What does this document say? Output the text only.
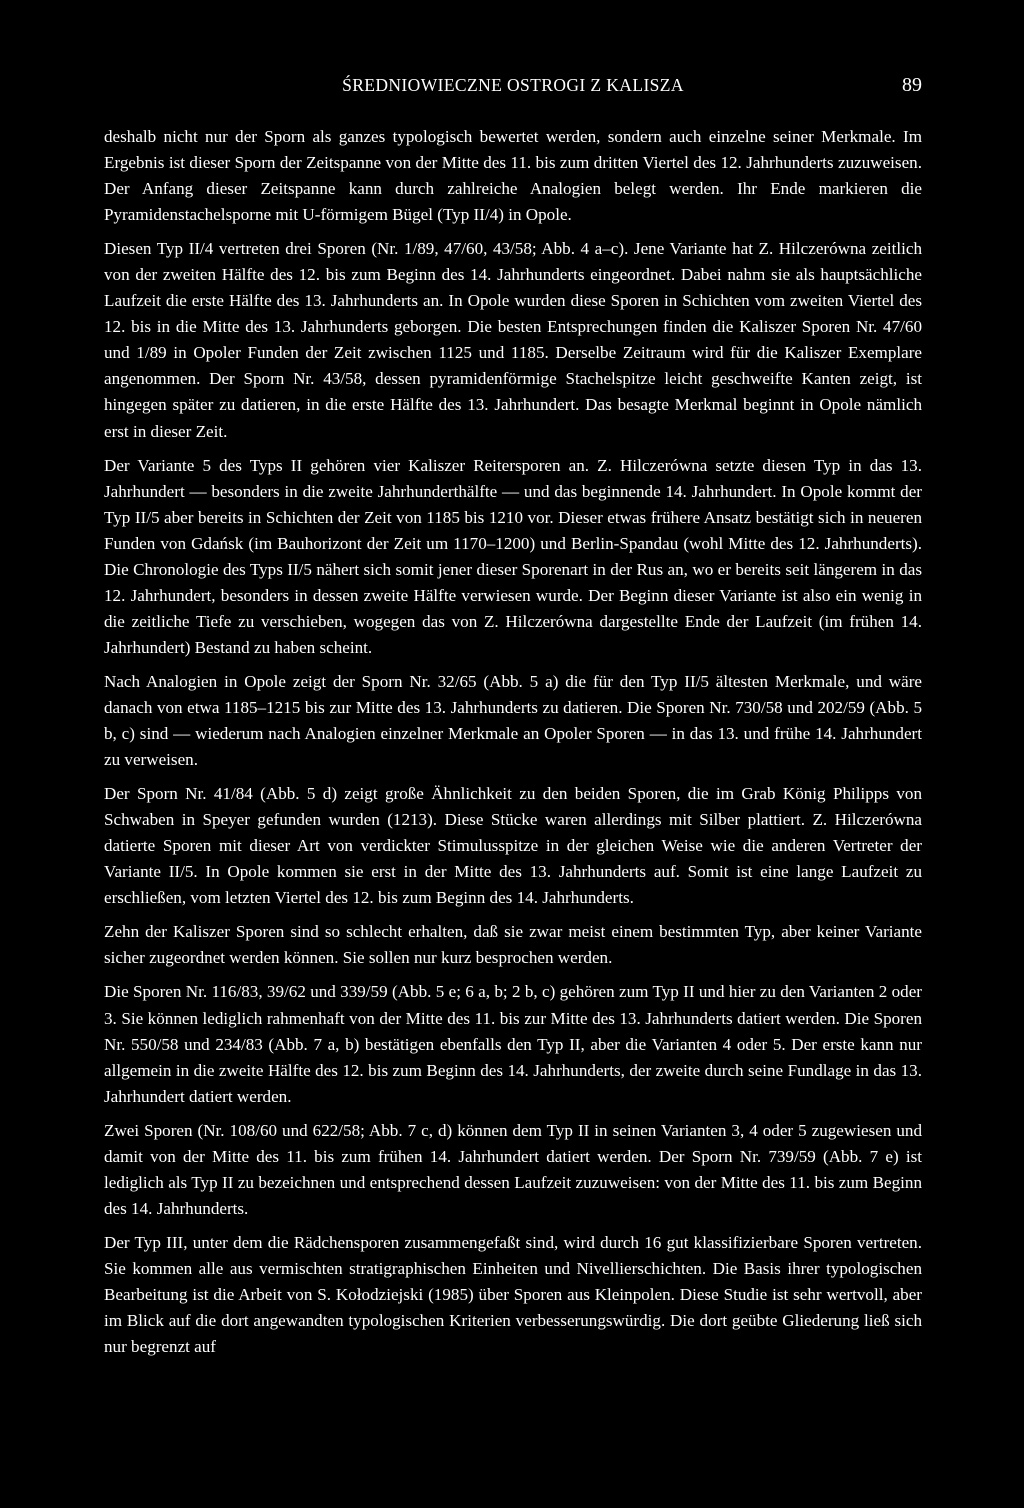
ŚREDNIOWIECZNE OSTROGI Z KALISZA	89

deshalb nicht nur der Sporn als ganzes typologisch bewertet werden, sondern auch einzelne seiner Merkmale. Im Ergebnis ist dieser Sporn der Zeitspanne von der Mitte des 11. bis zum dritten Viertel des 12. Jahrhunderts zuzuweisen. Der Anfang dieser Zeitspanne kann durch zahlreiche Analogien belegt werden. Ihr Ende markieren die Pyramidenstachelsporne mit U-förmigem Bügel (Typ II/4) in Opole.

Diesen Typ II/4 vertreten drei Sporen (Nr. 1/89, 47/60, 43/58; Abb. 4 a–c). Jene Variante hat Z. Hilczerówna zeitlich von der zweiten Hälfte des 12. bis zum Beginn des 14. Jahrhunderts eingeordnet. Dabei nahm sie als hauptsächliche Laufzeit die erste Hälfte des 13. Jahrhunderts an. In Opole wurden diese Sporen in Schichten vom zweiten Viertel des 12. bis in die Mitte des 13. Jahrhunderts geborgen. Die besten Entsprechungen finden die Kaliszer Sporen Nr. 47/60 und 1/89 in Opoler Funden der Zeit zwischen 1125 und 1185. Derselbe Zeitraum wird für die Kaliszer Exemplare angenommen. Der Sporn Nr. 43/58, dessen pyramidenförmige Stachelspitze leicht geschweifte Kanten zeigt, ist hingegen später zu datieren, in die erste Hälfte des 13. Jahrhundert. Das besagte Merkmal beginnt in Opole nämlich erst in dieser Zeit.

Der Variante 5 des Typs II gehören vier Kaliszer Reitersporen an. Z. Hilczerówna setzte diesen Typ in das 13. Jahrhundert — besonders in die zweite Jahrhunderthälfte — und das beginnende 14. Jahrhundert. In Opole kommt der Typ II/5 aber bereits in Schichten der Zeit von 1185 bis 1210 vor. Dieser etwas frühere Ansatz bestätigt sich in neueren Funden von Gdańsk (im Bauhorizont der Zeit um 1170–1200) und Berlin-Spandau (wohl Mitte des 12. Jahrhunderts). Die Chronologie des Typs II/5 nähert sich somit jener dieser Sporenart in der Rus an, wo er bereits seit längerem in das 12. Jahrhundert, besonders in dessen zweite Hälfte verwiesen wurde. Der Beginn dieser Variante ist also ein wenig in die zeitliche Tiefe zu verschieben, wogegen das von Z. Hilczerówna dargestellte Ende der Laufzeit (im frühen 14. Jahrhundert) Bestand zu haben scheint.

Nach Analogien in Opole zeigt der Sporn Nr. 32/65 (Abb. 5 a) die für den Typ II/5 ältesten Merkmale, und wäre danach von etwa 1185–1215 bis zur Mitte des 13. Jahrhunderts zu datieren. Die Sporen Nr. 730/58 und 202/59 (Abb. 5 b, c) sind — wiederum nach Analogien einzelner Merkmale an Opoler Sporen — in das 13. und frühe 14. Jahrhundert zu verweisen.

Der Sporn Nr. 41/84 (Abb. 5 d) zeigt große Ähnlichkeit zu den beiden Sporen, die im Grab König Philipps von Schwaben in Speyer gefunden wurden (1213). Diese Stücke waren allerdings mit Silber plattiert. Z. Hilczerówna datierte Sporen mit dieser Art von verdickter Stimulusspitze in der gleichen Weise wie die anderen Vertreter der Variante II/5. In Opole kommen sie erst in der Mitte des 13. Jahrhunderts auf. Somit ist eine lange Laufzeit zu erschließen, vom letzten Viertel des 12. bis zum Beginn des 14. Jahrhunderts.

Zehn der Kaliszer Sporen sind so schlecht erhalten, daß sie zwar meist einem bestimmten Typ, aber keiner Variante sicher zugeordnet werden können. Sie sollen nur kurz besprochen werden.

Die Sporen Nr. 116/83, 39/62 und 339/59 (Abb. 5 e; 6 a, b; 2 b, c) gehören zum Typ II und hier zu den Varianten 2 oder 3. Sie können lediglich rahmenhaft von der Mitte des 11. bis zur Mitte des 13. Jahrhunderts datiert werden. Die Sporen Nr. 550/58 und 234/83 (Abb. 7 a, b) bestätigen ebenfalls den Typ II, aber die Varianten 4 oder 5. Der erste kann nur allgemein in die zweite Hälfte des 12. bis zum Beginn des 14. Jahrhunderts, der zweite durch seine Fundlage in das 13. Jahrhundert datiert werden.

Zwei Sporen (Nr. 108/60 und 622/58; Abb. 7 c, d) können dem Typ II in seinen Varianten 3, 4 oder 5 zugewiesen und damit von der Mitte des 11. bis zum frühen 14. Jahrhundert datiert werden. Der Sporn Nr. 739/59 (Abb. 7 e) ist lediglich als Typ II zu bezeichnen und entsprechend dessen Laufzeit zuzuweisen: von der Mitte des 11. bis zum Beginn des 14. Jahrhunderts.

Der Typ III, unter dem die Rädchensporen zusammengefaßt sind, wird durch 16 gut klassifizierbare Sporen vertreten. Sie kommen alle aus vermischten stratigraphischen Einheiten und Nivellierschichten. Die Basis ihrer typologischen Bearbeitung ist die Arbeit von S. Kołodziejski (1985) über Sporen aus Kleinpolen. Diese Studie ist sehr wertvoll, aber im Blick auf die dort angewandten typologischen Kriterien verbesserungswürdig. Die dort geübte Gliederung ließ sich nur begrenzt auf
